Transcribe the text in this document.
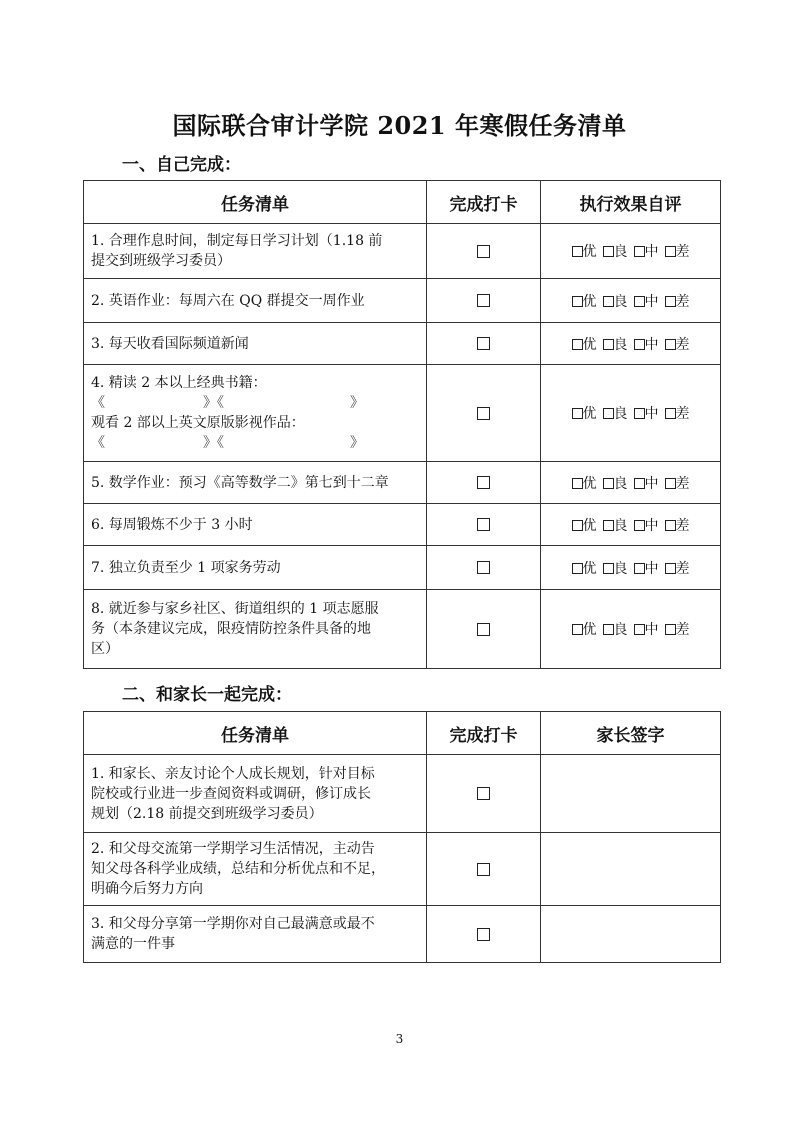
国际联合审计学院 2021 年寒假任务清单
一、自己完成：
任务清单	完成打卡	执行效果自评

1. 合理作息时间，制定每日学习计划（1.18 前
提交到班级学习委员）		优 良 中 差

2. 英语作业：每周六在 QQ 群提交一周作业		优 良 中 差

3. 每天收看国际频道新闻		优 良 中 差

4. 精读 2 本以上经典书籍：
《　　　　　　　》《　　　　　　　　　》
观看 2 部以上英文原版影视作品：
《　　　　　　　》《　　　　　　　　　》		优 良 中 差

5. 数学作业：预习《高等数学二》第七到十二章		优 良 中 差

6. 每周锻炼不少于 3 小时		优 良 中 差

7. 独立负责至少 1 项家务劳动		优 良 中 差

8. 就近参与家乡社区、街道组织的 1 项志愿服
务（本条建议完成，限疫情防控条件具备的地
区）		优 良 中 差
二、和家长一起完成：
任务清单	完成打卡	家长签字

1. 和家长、亲友讨论个人成长规划，针对目标
院校或行业进一步查阅资料或调研，修订成长
规划（2.18 前提交到班级学习委员）		

2. 和父母交流第一学期学习生活情况，主动告
知父母各科学业成绩，总结和分析优点和不足，
明确今后努力方向		

3. 和父母分享第一学期你对自己最满意或最不
满意的一件事		

3
